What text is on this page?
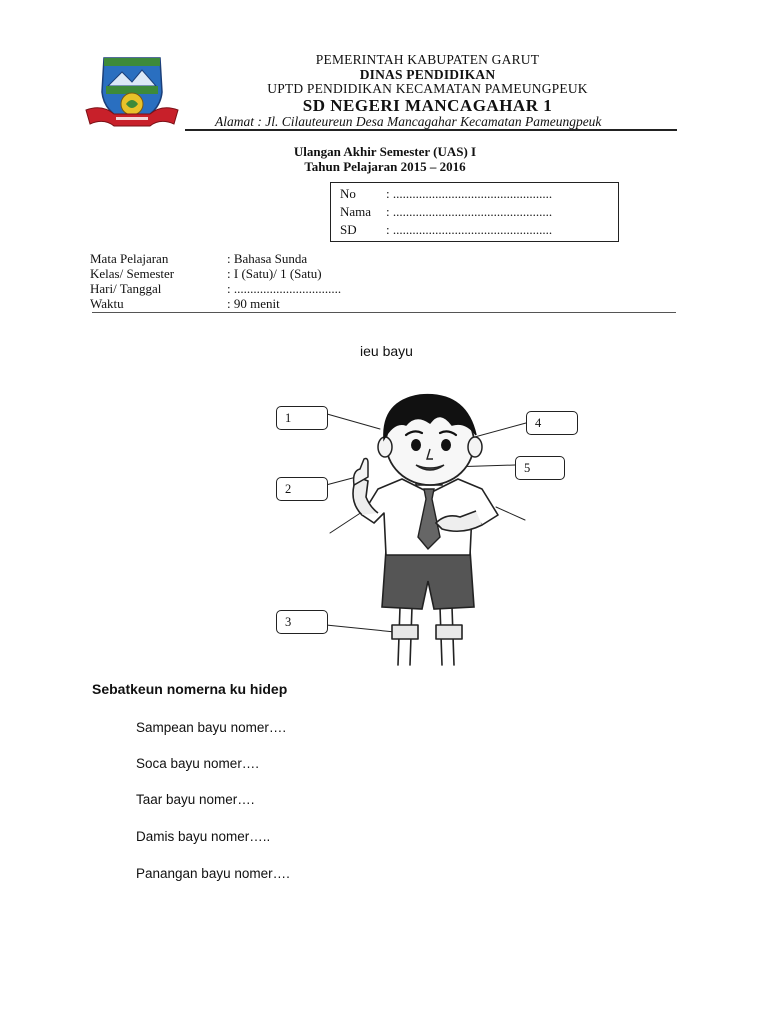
PEMERINTAH KABUPATEN GARUT
DINAS PENDIDIKAN
UPTD PENDIDIKAN KECAMATAN PAMEUNGPEUK
SD NEGERI MANCAGAHAR 1
Alamat : Jl. Cilauteureun Desa Mancagahar Kecamatan Pameungpeuk
Ulangan Akhir Semester (UAS) I
Tahun Pelajaran 2015 – 2016
No : .................................................
Nama : .................................................
SD : .................................................
Mata Pelajaran	: Bahasa Sunda
Kelas/ Semester	: I (Satu)/ 1 (Satu)
Hari/ Tanggal	: .................................
Waktu	: 90 menit
ieu bayu
1
2
3
4
5
Sebatkeun nomerna ku hidep
Sampean bayu nomer….
Soca bayu nomer….
Taar bayu nomer….
Damis bayu nomer…..
Panangan bayu nomer….
